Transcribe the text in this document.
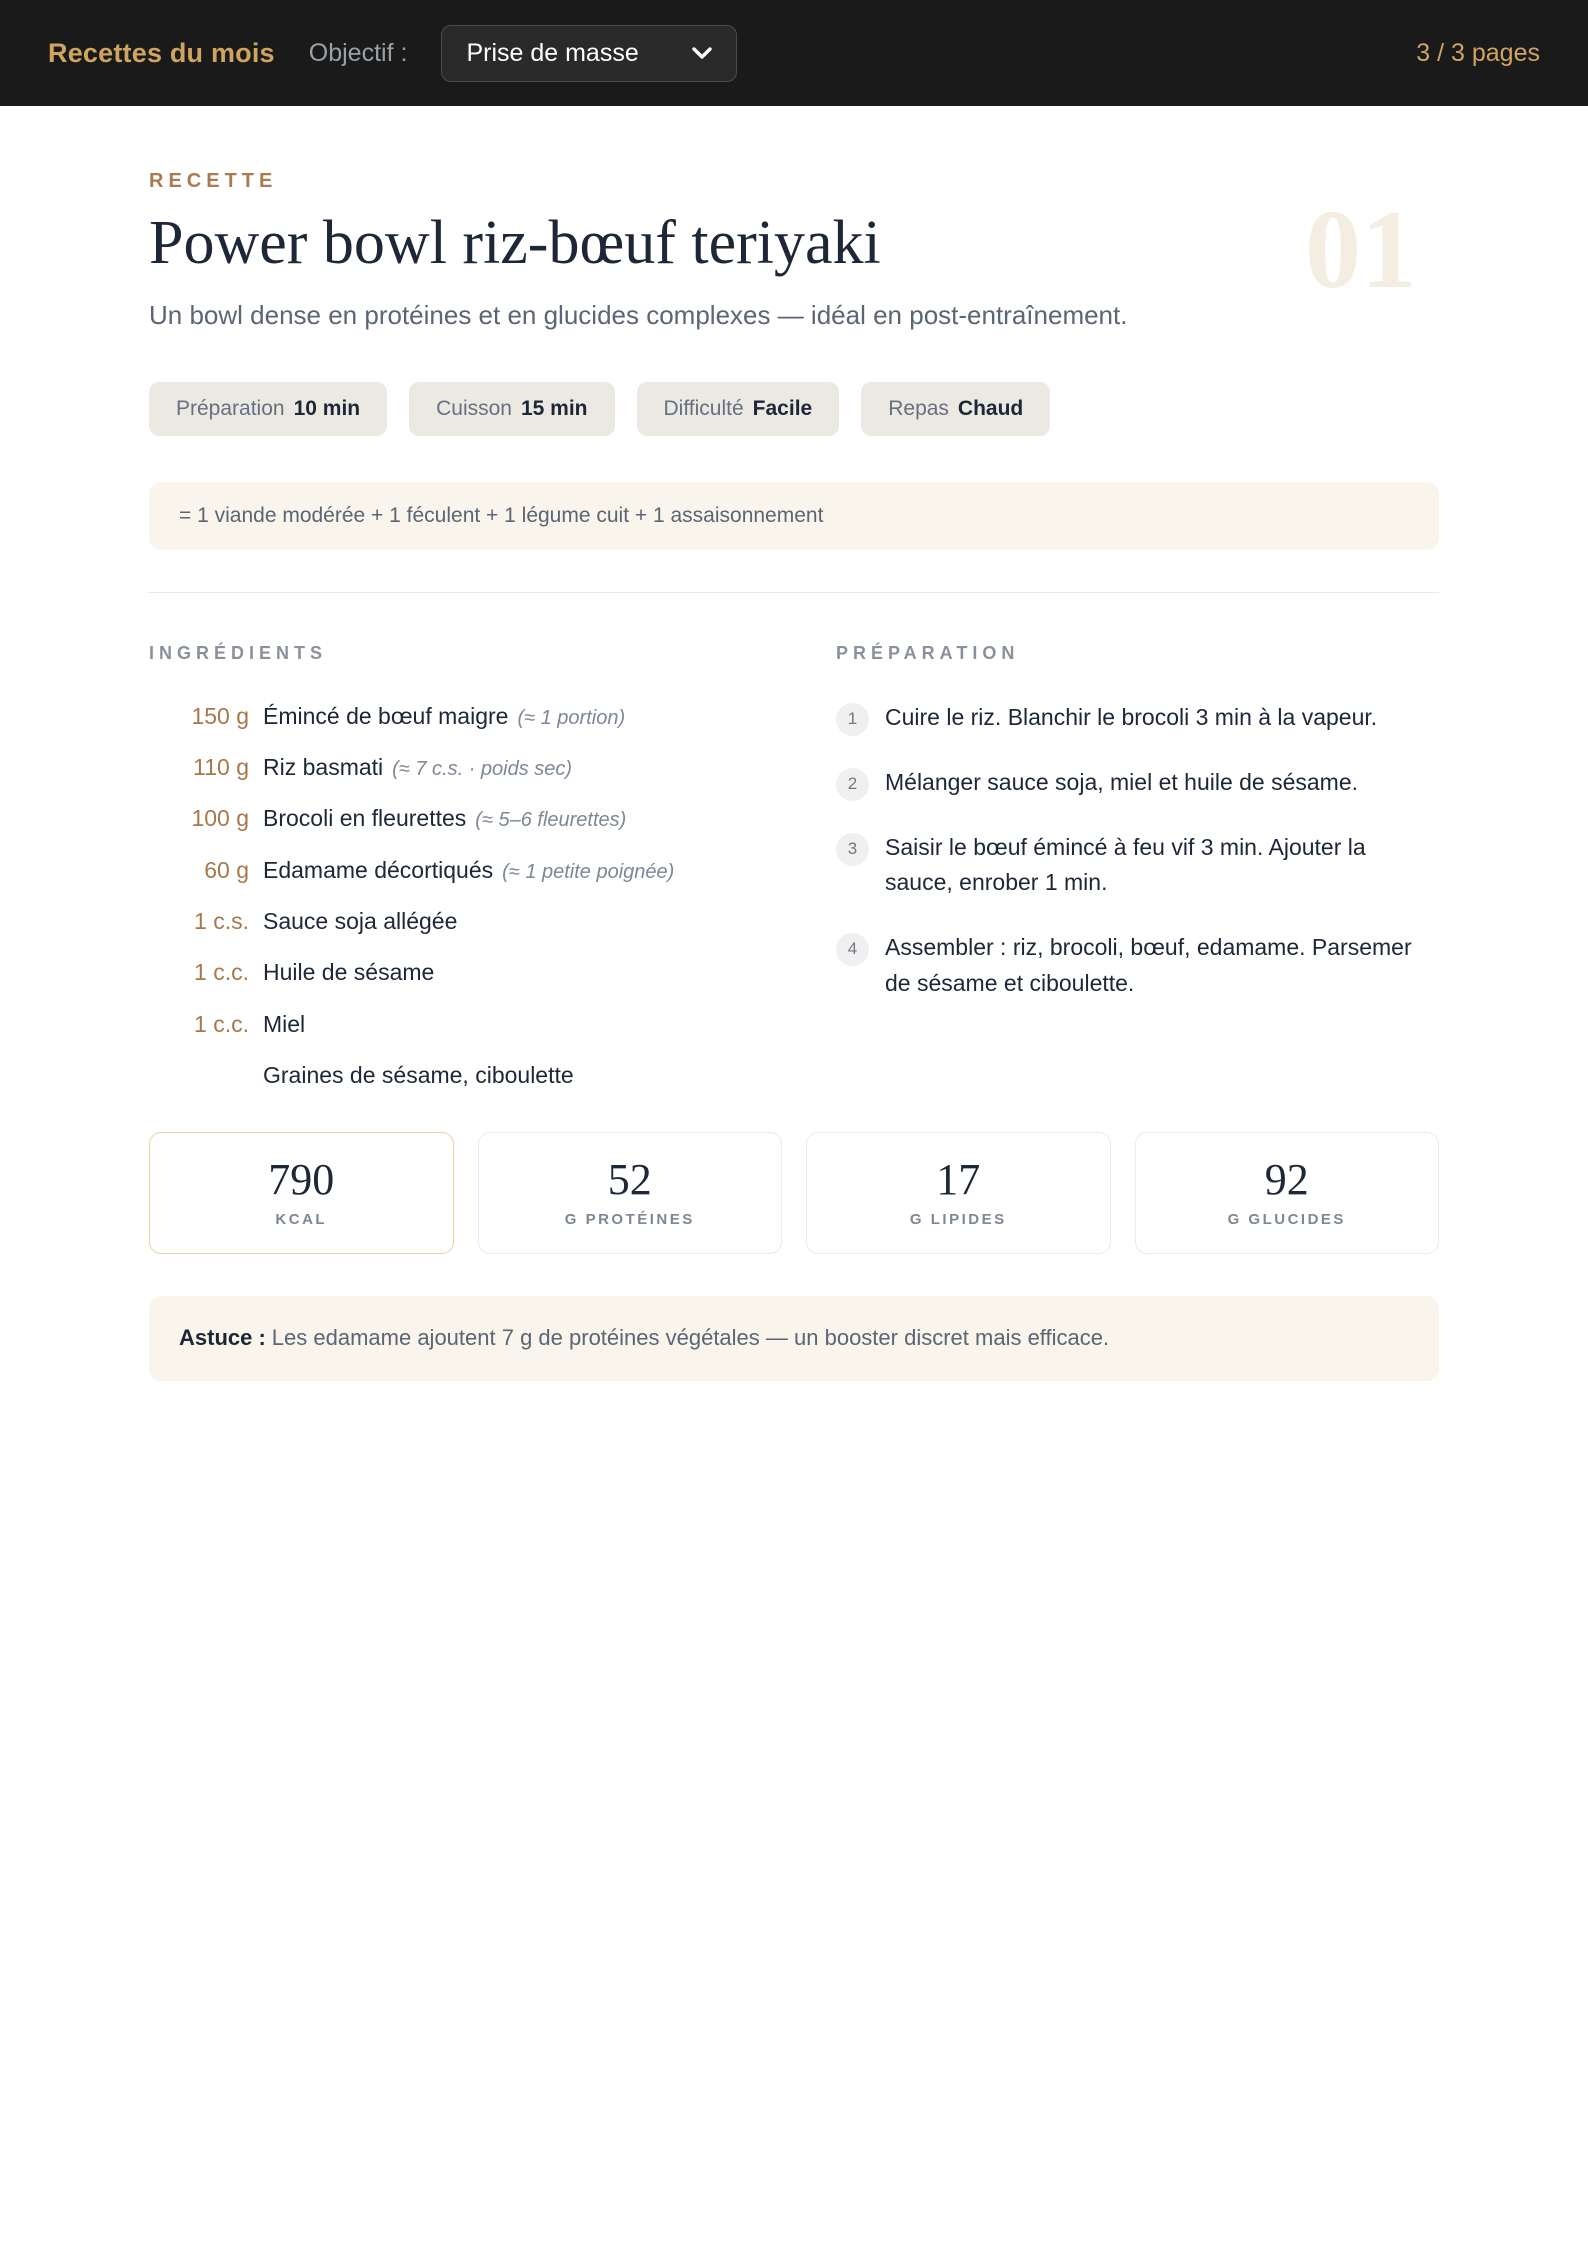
Recettes du mois Objectif : Prise de masse	3 / 3 pages
01
RECETTE
Power bowl riz-bœuf teriyaki

Un bowl dense en protéines et en glucides complexes — idéal en post-entraînement.

Préparation 10 min	Cuisson 15 min	Difficulté Facile	Repas Chaud
= 1 viande modérée + 1 féculent + 1 légume cuit + 1 assaisonnement
INGRÉDIENTS
150 g Émincé de bœuf maigre (≈ 1 portion)
110 g Riz basmati (≈ 7 c.s. · poids sec)
100 g Brocoli en fleurettes (≈ 5–6 fleurettes)
60 g Edamame décortiqués (≈ 1 petite poignée)
1 c.s. Sauce soja allégée
1 c.c. Huile de sésame
1 c.c. Miel
Graines de sésame, ciboulette
PRÉPARATION
1	Cuire le riz. Blanchir le brocoli 3 min à la vapeur.
2	Mélanger sauce soja, miel et huile de sésame.
3	Saisir le bœuf émincé à feu vif 3 min. Ajouter la sauce, enrober 1 min.
4	Assembler : riz, brocoli, bœuf, edamame. Parsemer de sésame et ciboulette.
790
KCAL
52
G PROTÉINES
17
G LIPIDES
92
G GLUCIDES
Astuce : Les edamame ajoutent 7 g de protéines végétales — un booster discret mais efficace.
